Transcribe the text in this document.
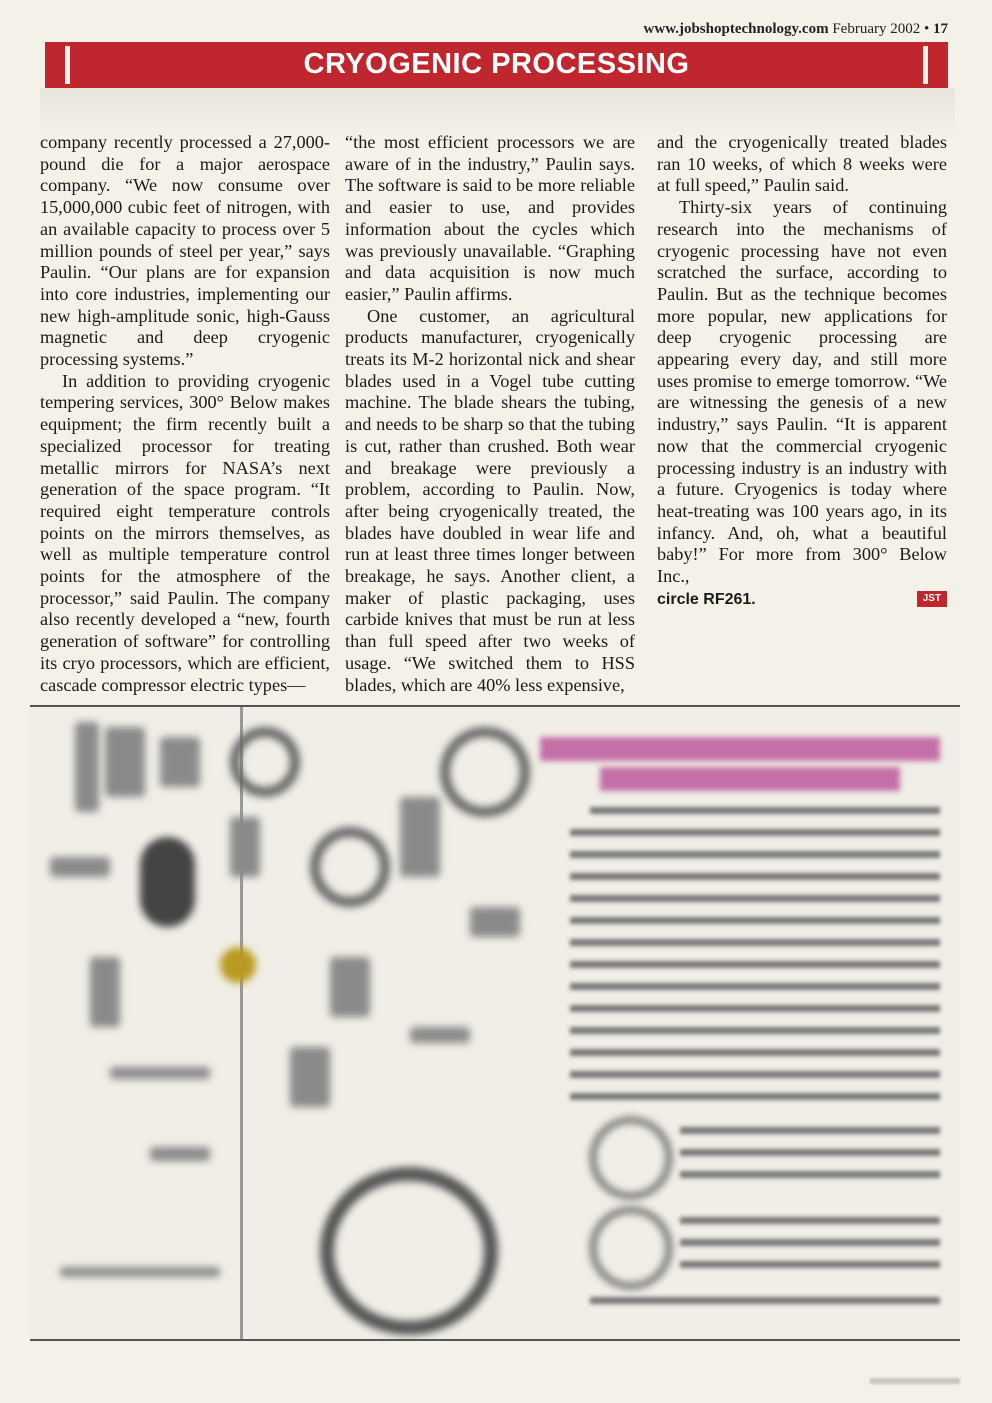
www.jobshoptechnology.com February 2002 • 17
CRYOGENIC PROCESSING

company recently processed a 27,000-pound die for a major aerospace company. “We now consume over 15,000,000 cubic feet of nitrogen, with an available capacity to process over 5 million pounds of steel per year,” says Paulin. “Our plans are for expansion into core industries, implementing our new high-amplitude sonic, high-Gauss magnetic and deep cryogenic processing systems.”

In addition to providing cryogenic tempering services, 300° Below makes equipment; the firm recently built a specialized processor for treating metallic mirrors for NASA’s next generation of the space program. “It required eight temperature controls points on the mirrors themselves, as well as multiple temperature control points for the atmosphere of the processor,” said Paulin. The company also recently developed a “new, fourth generation of software” for controlling its cryo processors, which are efficient, cascade compressor electric types—

“the most efficient processors we are aware of in the industry,” Paulin says. The software is said to be more reliable and easier to use, and provides information about the cycles which was previously unavailable. “Graphing and data acquisition is now much easier,” Paulin affirms.

One customer, an agricultural products manufacturer, cryogenically treats its M-2 horizontal nick and shear blades used in a Vogel tube cutting machine. The blade shears the tubing, and needs to be sharp so that the tubing is cut, rather than crushed. Both wear and breakage were previously a problem, according to Paulin. Now, after being cryogenically treated, the blades have doubled in wear life and run at least three times longer between breakage, he says. Another client, a maker of plastic packaging, uses carbide knives that must be run at less than full speed after two weeks of usage. “We switched them to HSS blades, which are 40% less expensive,

and the cryogenically treated blades ran 10 weeks, of which 8 weeks were at full speed,” Paulin said.

Thirty-six years of continuing research into the mechanisms of cryogenic processing have not even scratched the surface, according to Paulin. But as the technique becomes more popular, new applications for deep cryogenic processing are appearing every day, and still more uses promise to emerge tomorrow. “We are witnessing the genesis of a new industry,” says Paulin. “It is apparent now that the commercial cryogenic processing industry is an industry with a future. Cryogenics is today where heat-treating was 100 years ago, in its infancy. And, oh, what a beautiful baby!” For more from 300° Below Inc.,

circle RF261.	JST
